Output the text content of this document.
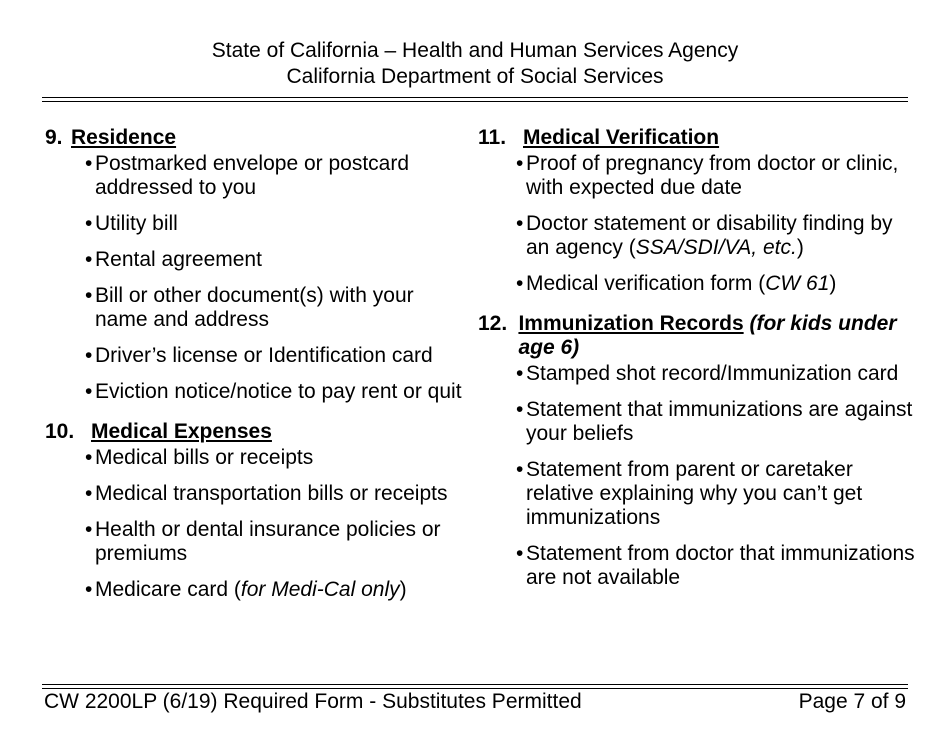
State of California – Health and Human Services Agency
California Department of Social Services
9. Residence
• Postmarked envelope or postcard addressed to you
• Utility bill
• Rental agreement
• Bill or other document(s) with your name and address
• Driver’s license or Identification card
• Eviction notice/notice to pay rent or quit
10. Medical Expenses
• Medical bills or receipts
• Medical transportation bills or receipts
• Health or dental insurance policies or premiums
• Medicare card (for Medi-Cal only)
11. Medical Verification
• Proof of pregnancy from doctor or clinic, with expected due date
• Doctor statement or disability finding by an agency (SSA/SDI/VA, etc.)
• Medical verification form (CW 61)
12. Immunization Records (for kids under age 6)
• Stamped shot record/Immunization card
• Statement that immunizations are against your beliefs
• Statement from parent or caretaker relative explaining why you can’t get immunizations
• Statement from doctor that immunizations are not available
CW 2200LP (6/19) Required Form - Substitutes Permitted	Page 7 of 9
